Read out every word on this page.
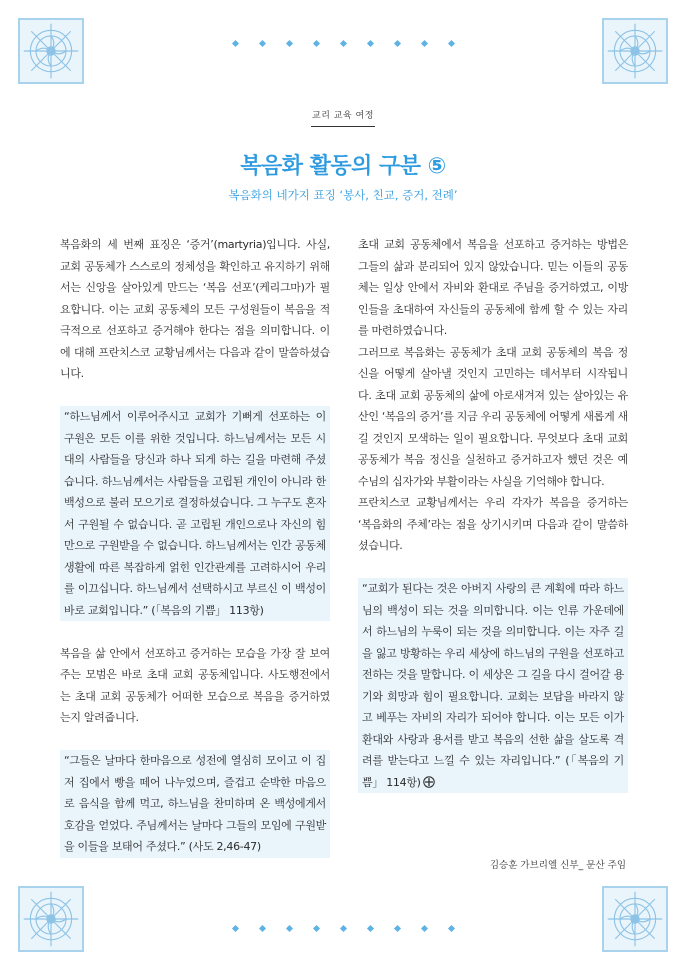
교리 교육 여정
복음화 활동의 구분 ⑤
복음화의 네가지 표징 ‘봉사, 친교, 증거, 전례’

복음화의 세 번째 표징은 ‘증거’(martyria)입니다. 사실, 교회 공동체가 스스로의 정체성을 확인하고 유지하기 위해서는 신앙을 살아있게 만드는 ‘복음 선포’(케리그마)가 필요합니다. 이는 교회 공동체의 모든 구성원들이 복음을 적극적으로 선포하고 증거해야 한다는 점을 의미합니다. 이에 대해 프란치스코 교황님께서는 다음과 같이 말씀하셨습니다.

“하느님께서 이루어주시고 교회가 기뻐게 선포하는 이 구원은 모든 이를 위한 것입니다. 하느님께서는 모든 시대의 사람들을 당신과 하나 되게 하는 길을 마련해 주셨습니다. 하느님께서는 사람들을 고립된 개인이 아니라 한 백성으로 불러 모으기로 결정하셨습니다. 그 누구도 혼자서 구원될 수 없습니다. 곧 고립된 개인으로나 자신의 힘만으로 구원받을 수 없습니다. 하느님께서는 인간 공동체 생활에 따른 복잡하게 얽힌 인간관계를 고려하시어 우리를 이끄십니다. 하느님께서 선택하시고 부르신 이 백성이 바로 교회입니다.” (「복음의 기쁨」 113항)

복음을 삶 안에서 선포하고 증거하는 모습을 가장 잘 보여주는 모범은 바로 초대 교회 공동체입니다. 사도행전에서는 초대 교회 공동체가 어떠한 모습으로 복음을 증거하였는지 알려줍니다.

“그들은 날마다 한마음으로 성전에 열심히 모이고 이 집 저 집에서 빵을 떼어 나누었으며, 즐겁고 순박한 마음으로 음식을 함께 먹고, 하느님을 찬미하며 온 백성에게서 호감을 얻었다. 주님께서는 날마다 그들의 모임에 구원받을 이들을 보태어 주셨다.” (사도 2,46-47)

초대 교회 공동체에서 복음을 선포하고 증거하는 방법은 그들의 삶과 분리되어 있지 않았습니다. 믿는 이들의 공동체는 일상 안에서 자비와 환대로 주님을 증거하였고, 이방인들을 초대하여 자신들의 공동체에 함께 할 수 있는 자리를 마련하였습니다.

그러므로 복음화는 공동체가 초대 교회 공동체의 복음 정신을 어떻게 살아낼 것인지 고민하는 데서부터 시작됩니다. 초대 교회 공동체의 삶에 아로새겨져 있는 살아있는 유산인 ‘복음의 증거’를 지금 우리 공동체에 어떻게 새롭게 새길 것인지 모색하는 일이 필요합니다. 무엇보다 초대 교회 공동체가 복음 정신을 실천하고 증거하고자 했던 것은 예수님의 십자가와 부활이라는 사실을 기억해야 합니다.

프란치스코 교황님께서는 우리 각자가 복음을 증거하는 ‘복음화의 주체’라는 점을 상기시키며 다음과 같이 말씀하셨습니다.

“교회가 된다는 것은 아버지 사랑의 큰 계획에 따라 하느님의 백성이 되는 것을 의미합니다. 이는 인류 가운데에서 하느님의 누룩이 되는 것을 의미합니다. 이는 자주 길을 잃고 방황하는 우리 세상에 하느님의 구원을 선포하고 전하는 것을 말합니다. 이 세상은 그 길을 다시 걸어갈 용기와 희망과 힘이 필요합니다. 교회는 보답을 바라지 않고 베푸는 자비의 자리가 되어야 합니다. 이는 모든 이가 환대와 사랑과 용서를 받고 복음의 선한 삶을 살도록 격려를 받는다고 느낄 수 있는 자리입니다.” (「복음의 기쁨」 114항)

김승훈 가브리엘 신부_ 문산 주임
